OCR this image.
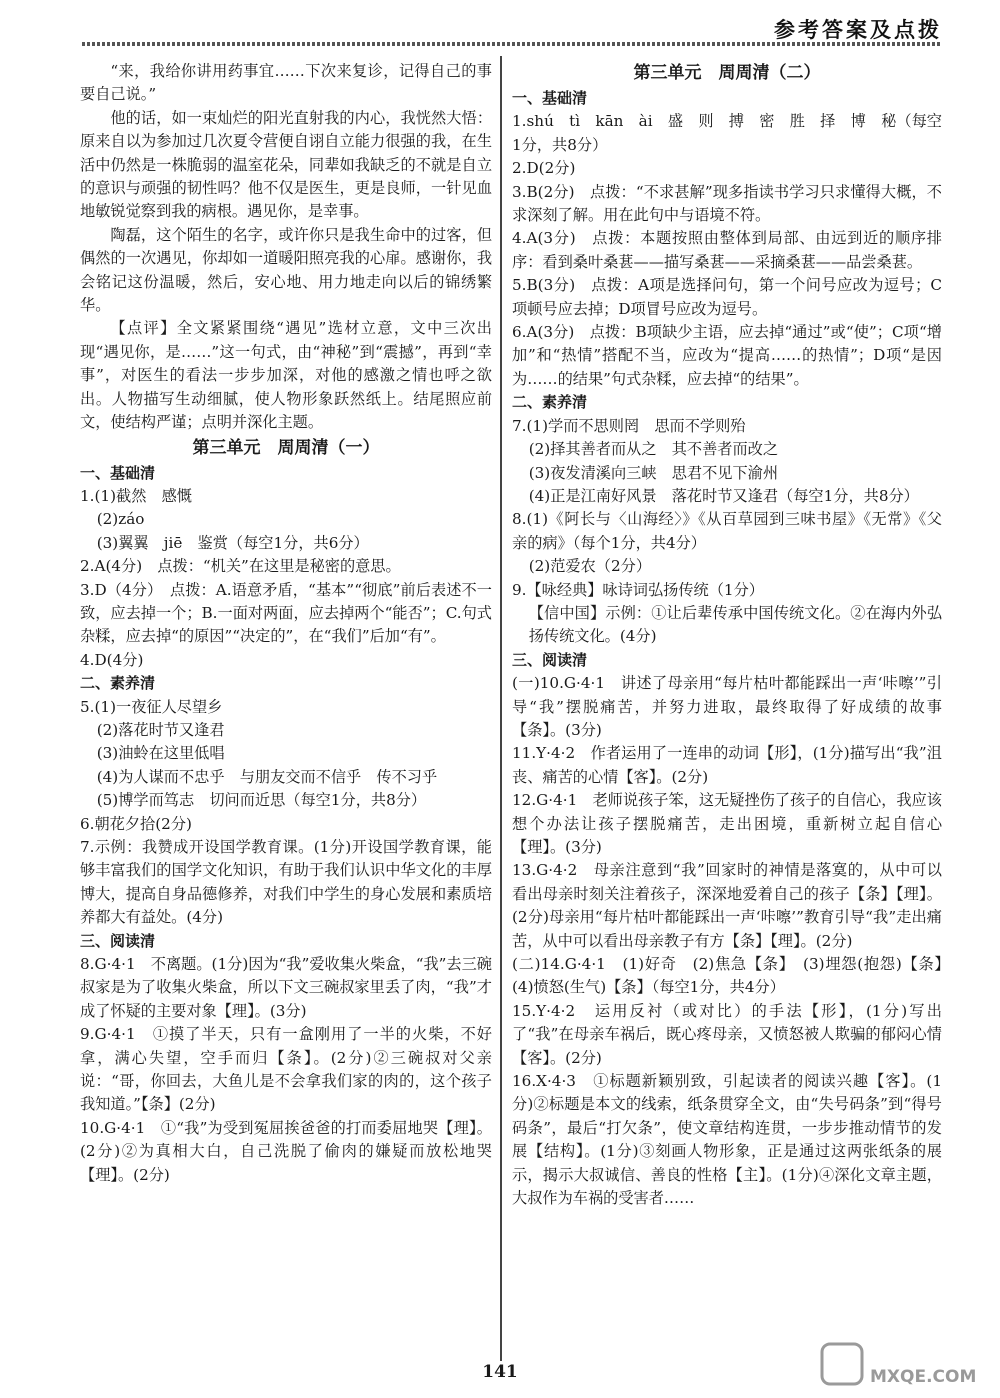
参考答案及点拨

“来，我给你讲用药事宜……下次来复诊，记得自己的事要自己说。”

他的话，如一束灿烂的阳光直射我的内心，我恍然大悟：原来自以为参加过几次夏令营便自诩自立能力很强的我，在生活中仍然是一株脆弱的温室花朵，同辈如我缺乏的不就是自立的意识与顽强的韧性吗？他不仅是医生，更是良师，一针见血地敏锐觉察到我的病根。遇见你，是幸事。

陶磊，这个陌生的名字，或许你只是我生命中的过客，但偶然的一次遇见，你却如一道暖阳照亮我的心扉。感谢你，我会铭记这份温暖，然后，安心地、用力地走向以后的锦绣繁华。

【点评】全文紧紧围绕“遇见”选材立意，文中三次出现“遇见你，是……”这一句式，由“神秘”到“震撼”，再到“幸事”，对医生的看法一步步加深，对他的感激之情也呼之欲出。人物描写生动细腻，使人物形象跃然纸上。结尾照应前文，使结构严谨；点明并深化主题。

第三单元　周周清（一）

一、基础清

1.(1)截然　感慨

(2)záo

(3)翼翼　jiē　鉴赏（每空1分，共6分）

2.A(4分)　点拨：“机关”在这里是秘密的意思。

3.D（4分）　点拨：A.语意矛盾，“基本”“彻底”前后表述不一致，应去掉一个；B.一面对两面，应去掉两个“能否”；C.句式杂糅，应去掉“的原因”“决定的”，在“我们”后加“有”。

4.D(4分)

二、素养清

5.(1)一夜征人尽望乡

(2)落花时节又逢君

(3)油蛉在这里低唱

(4)为人谋而不忠乎　与朋友交而不信乎　传不习乎

(5)博学而笃志　切问而近思（每空1分，共8分）

6.朝花夕拾(2分)

7.示例：我赞成开设国学教育课。(1分)开设国学教育课，能够丰富我们的国学文化知识，有助于我们认识中华文化的丰厚博大，提高自身品德修养，对我们中学生的身心发展和素质培养都大有益处。(4分)

三、阅读清

8.G·4·1　不离题。(1分)因为“我”爱收集火柴盒，“我”去三碗叔家是为了收集火柴盒，所以下文三碗叔家里丢了肉，“我”才成了怀疑的主要对象【理】。(3分)

9.G·4·1　①摸了半天，只有一盒刚用了一半的火柴，不好拿，满心失望，空手而归【条】。(2分)②三碗叔对父亲说：“哥，你回去，大鱼儿是不会拿我们家的肉的，这个孩子我知道。”【条】(2分)

10.G·4·1　①“我”为受到冤屈挨爸爸的打而委屈地哭【理】。(2分)②为真相大白，自己洗脱了偷肉的嫌疑而放松地哭【理】。(2分)

第三单元　周周清（二）

一、基础清

1.shú　tì　kān　ài　盛　则　搏　密　胜　择　博　秘（每空1分，共8分）

2.D(2分)

3.B(2分)　点拨：“不求甚解”现多指读书学习只求懂得大概，不求深刻了解。用在此句中与语境不符。

4.A(3分)　点拨：本题按照由整体到局部、由远到近的顺序排序：看到桑叶桑葚——描写桑葚——采摘桑葚——品尝桑葚。

5.B(3分)　点拨：A项是选择问句，第一个问号应改为逗号；C项顿号应去掉；D项冒号应改为逗号。

6.A(3分)　点拨：B项缺少主语，应去掉“通过”或“使”；C项“增加”和“热情”搭配不当，应改为“提高……的热情”；D项“是因为……的结果”句式杂糅，应去掉“的结果”。

二、素养清

7.(1)学而不思则罔　思而不学则殆

(2)择其善者而从之　其不善者而改之

(3)夜发清溪向三峡　思君不见下渝州

(4)正是江南好风景　落花时节又逢君（每空1分，共8分）

8.(1)《阿长与〈山海经〉》《从百草园到三味书屋》《无常》《父亲的病》（每个1分，共4分）

(2)范爱农（2分）

9.【咏经典】咏诗词弘扬传统（1分）

【信中国】示例：①让后辈传承中国传统文化。②在海内外弘扬传统文化。(4分)

三、阅读清

(一)10.G·4·1　讲述了母亲用“每片枯叶都能踩出一声‘咔嚓’”引导“我”摆脱痛苦，并努力进取，最终取得了好成绩的故事【条】。(3分)

11.Y·4·2　作者运用了一连串的动词【形】，(1分)描写出“我”沮丧、痛苦的心情【客】。(2分)

12.G·4·1　老师说孩子笨，这无疑挫伤了孩子的自信心，我应该想个办法让孩子摆脱痛苦，走出困境，重新树立起自信心【理】。(3分)

13.G·4·2　母亲注意到“我”回家时的神情是落寞的，从中可以看出母亲时刻关注着孩子，深深地爱着自己的孩子【条】【理】。(2分)母亲用“每片枯叶都能踩出一声‘咔嚓’”教育引导“我”走出痛苦，从中可以看出母亲教子有方【条】【理】。(2分)

(二)14.G·4·1　(1)好奇　(2)焦急【条】　(3)埋怨(抱怨)【条】　(4)愤怒(生气)【条】（每空1分，共4分）

15.Y·4·2　运用反衬（或对比）的手法【形】，(1分)写出了“我”在母亲车祸后，既心疼母亲，又愤怒被人欺骗的郁闷心情【客】。(2分)

16.X·4·3　①标题新颖别致，引起读者的阅读兴趣【客】。(1分)②标题是本文的线索，纸条贯穿全文，由“失号码条”到“得号码条”，最后“打欠条”，使文章结构连贯，一步步推动情节的发展【结构】。(1分)③刻画人物形象，正是通过这两张纸条的展示，揭示大叔诚信、善良的性格【主】。(1分)④深化文章主题，大叔作为车祸的受害者……

141	MXQE.COM
